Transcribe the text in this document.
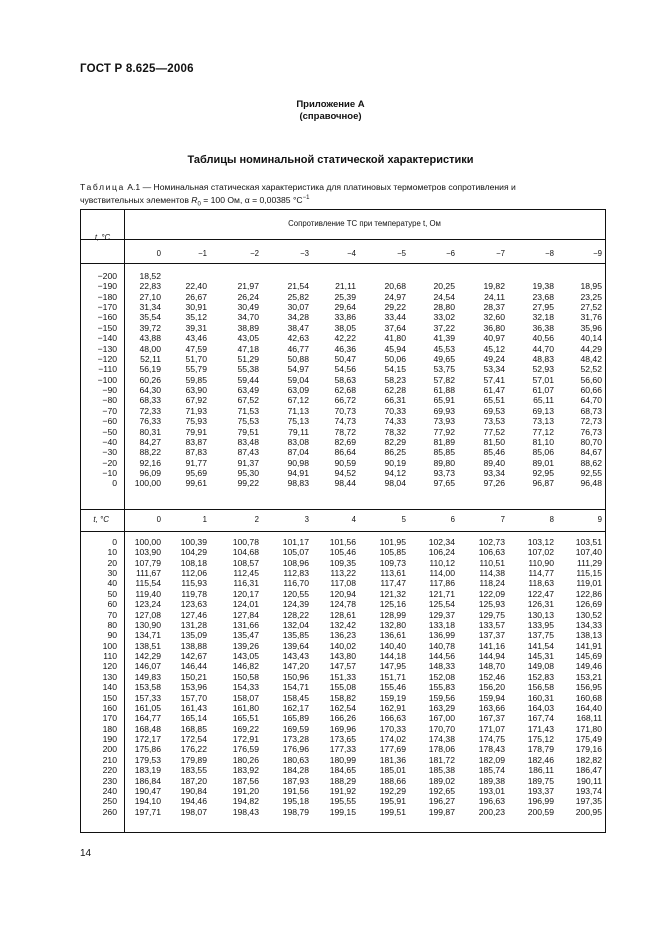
ГОСТ Р 8.625—2006
Приложение А
(справочное)
Таблицы номинальной статической характеристики
Таблица А.1 — Номинальная статическая характеристика для платиновых термометров сопротивления и
чувствительных элементов $R_0 = 100$ Ом, α = 0,00385 $^\circ С^{-1}$
t, °С
Сопротивление ТС при температуре t, Ом
t, °С
0	−1	−2	−3	−4	−5	−6	−7	−8	−9
0	1	2	3	4	5	6	7	8	9
−200	18,52
−190	22,83	22,40	21,97	21,54	21,11	20,68	20,25	19,82	19,38	18,95
−180	27,10	26,67	26,24	25,82	25,39	24,97	24,54	24,11	23,68	23,25
−170	31,34	30,91	30,49	30,07	29,64	29,22	28,80	28,37	27,95	27,52
−160	35,54	35,12	34,70	34,28	33,86	33,44	33,02	32,60	32,18	31,76
−150	39,72	39,31	38,89	38,47	38,05	37,64	37,22	36,80	36,38	35,96
−140	43,88	43,46	43,05	42,63	42,22	41,80	41,39	40,97	40,56	40,14
−130	48,00	47,59	47,18	46,77	46,36	45,94	45,53	45,12	44,70	44,29
−120	52,11	51,70	51,29	50,88	50,47	50,06	49,65	49,24	48,83	48,42
−110	56,19	55,79	55,38	54,97	54,56	54,15	53,75	53,34	52,93	52,52
−100	60,26	59,85	59,44	59,04	58,63	58,23	57,82	57,41	57,01	56,60
−90	64,30	63,90	63,49	63,09	62,68	62,28	61,88	61,47	61,07	60,66
−80	68,33	67,92	67,52	67,12	66,72	66,31	65,91	65,51	65,11	64,70
−70	72,33	71,93	71,53	71,13	70,73	70,33	69,93	69,53	69,13	68,73
−60	76,33	75,93	75,53	75,13	74,73	74,33	73,93	73,53	73,13	72,73
−50	80,31	79,91	79,51	79,11	78,72	78,32	77,92	77,52	77,12	76,73
−40	84,27	83,87	83,48	83,08	82,69	82,29	81,89	81,50	81,10	80,70
−30	88,22	87,83	87,43	87,04	86,64	86,25	85,85	85,46	85,06	84,67
−20	92,16	91,77	91,37	90,98	90,59	90,19	89,80	89,40	89,01	88,62
−10	96,09	95,69	95,30	94,91	94,52	94,12	93,73	93,34	92,95	92,55
0	100,00	99,61	99,22	98,83	98,44	98,04	97,65	97,26	96,87	96,48
0	100,00	100,39	100,78	101,17	101,56	101,95	102,34	102,73	103,12	103,51
10	103,90	104,29	104,68	105,07	105,46	105,85	106,24	106,63	107,02	107,40
20	107,79	108,18	108,57	108,96	109,35	109,73	110,12	110,51	110,90	111,29
30	111,67	112,06	112,45	112,83	113,22	113,61	114,00	114,38	114,77	115,15
40	115,54	115,93	116,31	116,70	117,08	117,47	117,86	118,24	118,63	119,01
50	119,40	119,78	120,17	120,55	120,94	121,32	121,71	122,09	122,47	122,86
60	123,24	123,63	124,01	124,39	124,78	125,16	125,54	125,93	126,31	126,69
70	127,08	127,46	127,84	128,22	128,61	128,99	129,37	129,75	130,13	130,52
80	130,90	131,28	131,66	132,04	132,42	132,80	133,18	133,57	133,95	134,33
90	134,71	135,09	135,47	135,85	136,23	136,61	136,99	137,37	137,75	138,13
100	138,51	138,88	139,26	139,64	140,02	140,40	140,78	141,16	141,54	141,91
110	142,29	142,67	143,05	143,43	143,80	144,18	144,56	144,94	145,31	145,69
120	146,07	146,44	146,82	147,20	147,57	147,95	148,33	148,70	149,08	149,46
130	149,83	150,21	150,58	150,96	151,33	151,71	152,08	152,46	152,83	153,21
140	153,58	153,96	154,33	154,71	155,08	155,46	155,83	156,20	156,58	156,95
150	157,33	157,70	158,07	158,45	158,82	159,19	159,56	159,94	160,31	160,68
160	161,05	161,43	161,80	162,17	162,54	162,91	163,29	163,66	164,03	164,40
170	164,77	165,14	165,51	165,89	166,26	166,63	167,00	167,37	167,74	168,11
180	168,48	168,85	169,22	169,59	169,96	170,33	170,70	171,07	171,43	171,80
190	172,17	172,54	172,91	173,28	173,65	174,02	174,38	174,75	175,12	175,49
200	175,86	176,22	176,59	176,96	177,33	177,69	178,06	178,43	178,79	179,16
210	179,53	179,89	180,26	180,63	180,99	181,36	181,72	182,09	182,46	182,82
220	183,19	183,55	183,92	184,28	184,65	185,01	185,38	185,74	186,11	186,47
230	186,84	187,20	187,56	187,93	188,29	188,66	189,02	189,38	189,75	190,11
240	190,47	190,84	191,20	191,56	191,92	192,29	192,65	193,01	193,37	193,74
250	194,10	194,46	194,82	195,18	195,55	195,91	196,27	196,63	196,99	197,35
260	197,71	198,07	198,43	198,79	199,15	199,51	199,87	200,23	200,59	200,95
14
